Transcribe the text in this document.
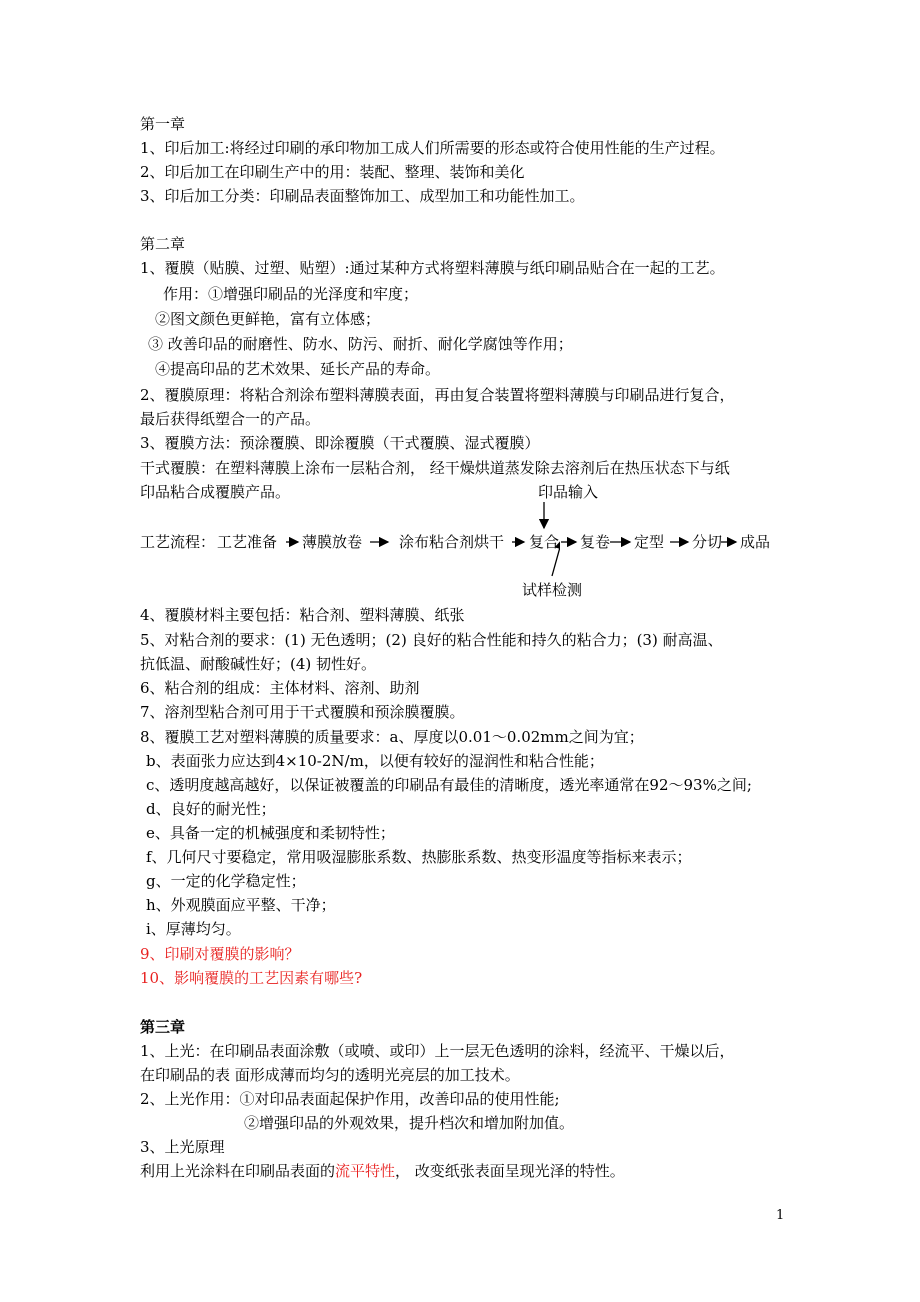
第一章
1、印后加工:将经过印刷的承印物加工成人们所需要的形态或符合使用性能的生产过程。
2、印后加工在印刷生产中的用：装配、整理、装饰和美化
3、印后加工分类：印刷品表面整饰加工、成型加工和功能性加工。
第二章
1、覆膜（贴膜、过塑、贴塑）:通过某种方式将塑料薄膜与纸印刷品贴合在一起的工艺。
作用：①增强印刷品的光泽度和牢度；
②图文颜色更鲜艳，富有立体感；
③ 改善印品的耐磨性、防水、防污、耐折、耐化学腐蚀等作用；
④提高印品的艺术效果、延长产品的寿命。
2、覆膜原理：将粘合剂涂布塑料薄膜表面，再由复合装置将塑料薄膜与印刷品进行复合，
最后获得纸塑合一的产品。
3、覆膜方法：预涂覆膜、即涂覆膜（干式覆膜、湿式覆膜）
干式覆膜：在塑料薄膜上涂布一层粘合剂， 经干燥烘道蒸发除去溶剂后在热压状态下与纸
印品粘合成覆膜产品。	印品输入
工艺流程： 工艺准备 薄膜放卷 涂布粘合剂烘干 复合 复卷 定型 分切 成品
试样检测
4、覆膜材料主要包括：粘合剂、塑料薄膜、纸张
5、对粘合剂的要求：(1) 无色透明；(2) 良好的粘合性能和持久的粘合力；(3) 耐高温、
抗低温、耐酸碱性好；(4) 韧性好。
6、粘合剂的组成：主体材料、溶剂、助剂
7、溶剂型粘合剂可用于干式覆膜和预涂膜覆膜。
8、覆膜工艺对塑料薄膜的质量要求：a、厚度以0.01～0.02mm之间为宜；
b、表面张力应达到4×10-2N/m，以便有较好的湿润性和粘合性能；
c、透明度越高越好，以保证被覆盖的印刷品有最佳的清晰度，透光率通常在92～93%之间;
d、良好的耐光性；
e、具备一定的机械强度和柔韧特性；
f、几何尺寸要稳定，常用吸湿膨胀系数、热膨胀系数、热变形温度等指标来表示；
g、一定的化学稳定性；
h、外观膜面应平整、干净；
i、厚薄均匀。
9、印刷对覆膜的影响？
10、影响覆膜的工艺因素有哪些?
第三章
1、上光：在印刷品表面涂敷（或喷、或印）上一层无色透明的涂料，经流平、干燥以后，
在印刷品的表 面形成薄而均匀的透明光亮层的加工技术。
2、上光作用：①对印品表面起保护作用，改善印品的使用性能;
②增强印品的外观效果，提升档次和增加附加值。
3、上光原理
利用上光涂料在印刷品表面的流平特性， 改变纸张表面呈现光泽的特性。
1
